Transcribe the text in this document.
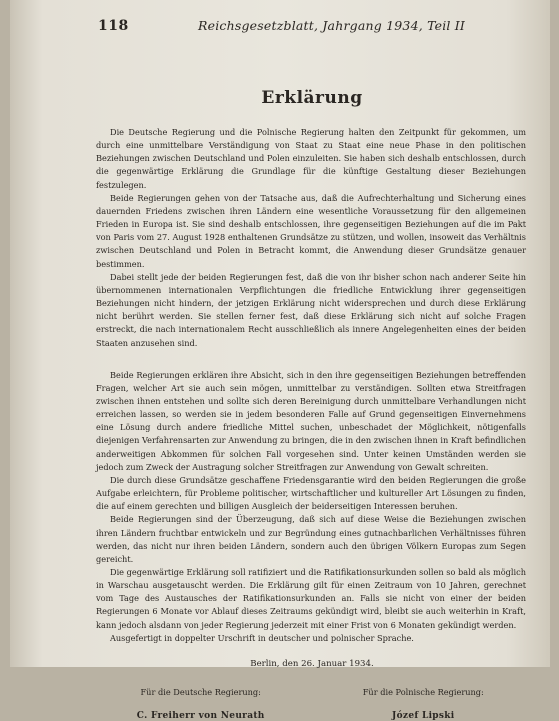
118	Reichsgesetzblatt, Jahrgang 1934, Teil II
Erklärung

Die Deutsche Regierung und die Polnische Regierung halten den Zeitpunkt für gekommen, um durch eine unmittelbare Verständigung von Staat zu Staat eine neue Phase in den politischen Beziehungen zwischen Deutschland und Polen einzuleiten. Sie haben sich deshalb entschlossen, durch die gegenwärtige Erklärung die Grundlage für die künftige Gestaltung dieser Beziehungen festzulegen.

Beide Regierungen gehen von der Tatsache aus, daß die Aufrechterhaltung und Sicherung eines dauernden Friedens zwischen ihren Ländern eine wesentliche Voraussetzung für den allgemeinen Frieden in Europa ist. Sie sind deshalb entschlossen, ihre gegenseitigen Beziehungen auf die im Pakt von Paris vom 27. August 1928 enthaltenen Grundsätze zu stützen, und wollen, insoweit das Verhältnis zwischen Deutschland und Polen in Betracht kommt, die Anwendung dieser Grundsätze genauer bestimmen.

Dabei stellt jede der beiden Regierungen fest, daß die von ihr bisher schon nach anderer Seite hin übernommenen internationalen Verpflichtungen die friedliche Entwicklung ihrer gegenseitigen Beziehungen nicht hindern, der jetzigen Erklärung nicht widersprechen und durch diese Erklärung nicht berührt werden. Sie stellen ferner fest, daß diese Erklärung sich nicht auf solche Fragen erstreckt, die nach internationalem Recht ausschließlich als innere Angelegenheiten eines der beiden Staaten anzusehen sind.

Beide Regierungen erklären ihre Absicht, sich in den ihre gegenseitigen Beziehungen betreffenden Fragen, welcher Art sie auch sein mögen, unmittelbar zu verständigen. Sollten etwa Streitfragen zwischen ihnen entstehen und sollte sich deren Bereinigung durch unmittelbare Verhandlungen nicht erreichen lassen, so werden sie in jedem besonderen Falle auf Grund gegenseitigen Einvernehmens eine Lösung durch andere friedliche Mittel suchen, unbeschadet der Möglichkeit, nötigenfalls diejenigen Verfahrensarten zur Anwendung zu bringen, die in den zwischen ihnen in Kraft befindlichen anderweitigen Abkommen für solchen Fall vorgesehen sind. Unter keinen Umständen werden sie jedoch zum Zweck der Austragung solcher Streitfragen zur Anwendung von Gewalt schreiten.

Die durch diese Grundsätze geschaffene Friedensgarantie wird den beiden Regierungen die große Aufgabe erleichtern, für Probleme politischer, wirtschaftlicher und kultureller Art Lösungen zu finden, die auf einem gerechten und billigen Ausgleich der beiderseitigen Interessen beruhen.

Beide Regierungen sind der Überzeugung, daß sich auf diese Weise die Beziehungen zwischen ihren Ländern fruchtbar entwickeln und zur Begründung eines gutnachbarlichen Verhältnisses führen werden, das nicht nur ihren beiden Ländern, sondern auch den übrigen Völkern Europas zum Segen gereicht.

Die gegenwärtige Erklärung soll ratifiziert und die Ratifikationsurkunden sollen so bald als möglich in Warschau ausgetauscht werden. Die Erklärung gilt für einen Zeitraum von 10 Jahren, gerechnet vom Tage des Austausches der Ratifikationsurkunden an. Falls sie nicht von einer der beiden Regierungen 6 Monate vor Ablauf dieses Zeitraums gekündigt wird, bleibt sie auch weiterhin in Kraft, kann jedoch alsdann von jeder Regierung jederzeit mit einer Frist von 6 Monaten gekündigt werden.

Ausgefertigt in doppelter Urschrift in deutscher und polnischer Sprache.

Berlin, den 26. Januar 1934.
Für die Deutsche Regierung:
C. Freiherr von Neurath
Für die Polnische Regierung:
Józef Lipski
